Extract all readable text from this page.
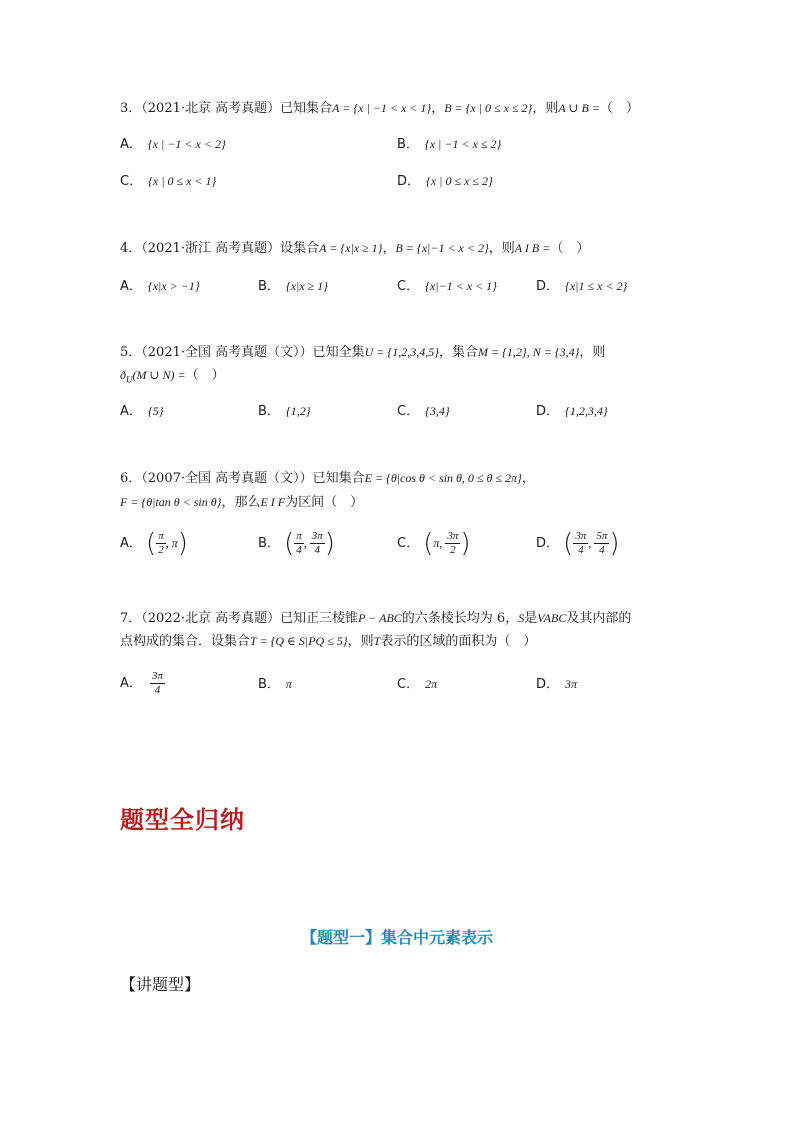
3．（2021·北京 高考真题）已知集合A = {x | −1 < x < 1}，B = {x | 0 ≤ x ≤ 2}，则A ∪ B =（　）
A． {x | −1 < x < 2}	B． {x | −1 < x ≤ 2}
C． {x | 0 ≤ x < 1}	D． {x | 0 ≤ x ≤ 2}
4．（2021·浙江 高考真题）设集合A = {x|x ≥ 1}，B = {x|−1 < x < 2}，则A I B =（　）
A． {x|x > −1}	B． {x|x ≥ 1}	C． {x|−1 < x < 1}	D． {x|1 ≤ x < 2}
5．（2021·全国 高考真题（文））已知全集U = {1,2,3,4,5}，集合M = {1,2}, N = {3,4}，则
$ð_U(M$ ∪ N) =（　）
A． {5}	B． {1,2}	C． {3,4}	D． {1,2,3,4}
6．（2007·全国 高考真题（文））已知集合E = {θ|cos θ < sin θ, 0 ≤ θ ≤ 2π}，
F = {θ|tan θ < sin θ}，那么E I F为区间（　）
A． ( $\frac{\pi}{2}$ , π)	B． ( $\frac{\pi}{4}$ , $\frac{3\pi}{4}$ )	C． (π, $\frac{3\pi}{2}$ )	D． ( $\frac{3\pi}{4}$ , $\frac{5\pi}{4}$ )
7．（2022·北京 高考真题）已知正三棱锥P − ABC的六条棱长均为 6，S是VABC及其内部的
点构成的集合．设集合T = {Q ∈ S|PQ ≤ 5}，则T表示的区域的面积为（　）
A． $\frac{3\pi}{4}$	B． π	C． 2π	D． 3π
题型全归纳
【题型一】集合中元素表示
【讲题型】
